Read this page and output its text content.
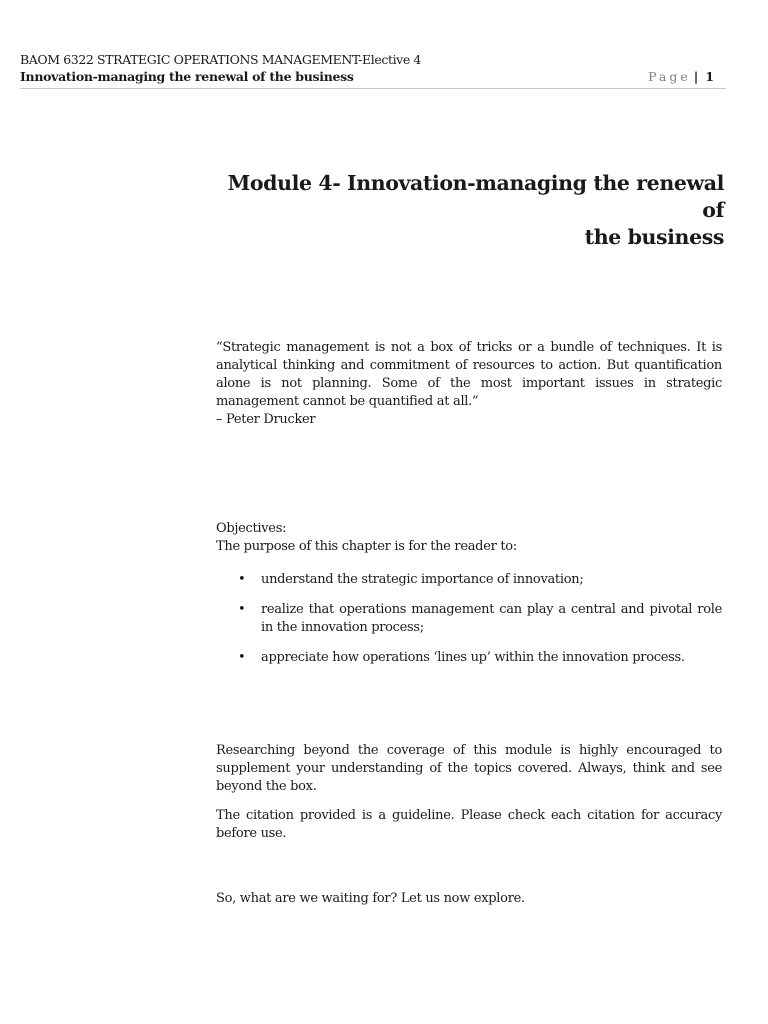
BAOM 6322 STRATEGIC OPERATIONS MANAGEMENT-Elective 4
Innovation-managing the renewal of the business	Page | 1
Module 4- Innovation-managing the renewal of
the business

“Strategic management is not a box of tricks or a bundle of techniques. It is analytical thinking and commitment of resources to action. But quantification alone is not planning. Some of the most important issues in strategic management cannot be quantified at all.”

– Peter Drucker

Objectives:

The purpose of this chapter is for the reader to:

• understand the strategic importance of innovation;
• realize that operations management can play a central and pivotal role in the innovation process;
• appreciate how operations ‘lines up’ within the innovation process.

Researching beyond the coverage of this module is highly encouraged to supplement your understanding of the topics covered. Always, think and see beyond the box.

The citation provided is a guideline. Please check each citation for accuracy before use.

So, what are we waiting for? Let us now explore.
